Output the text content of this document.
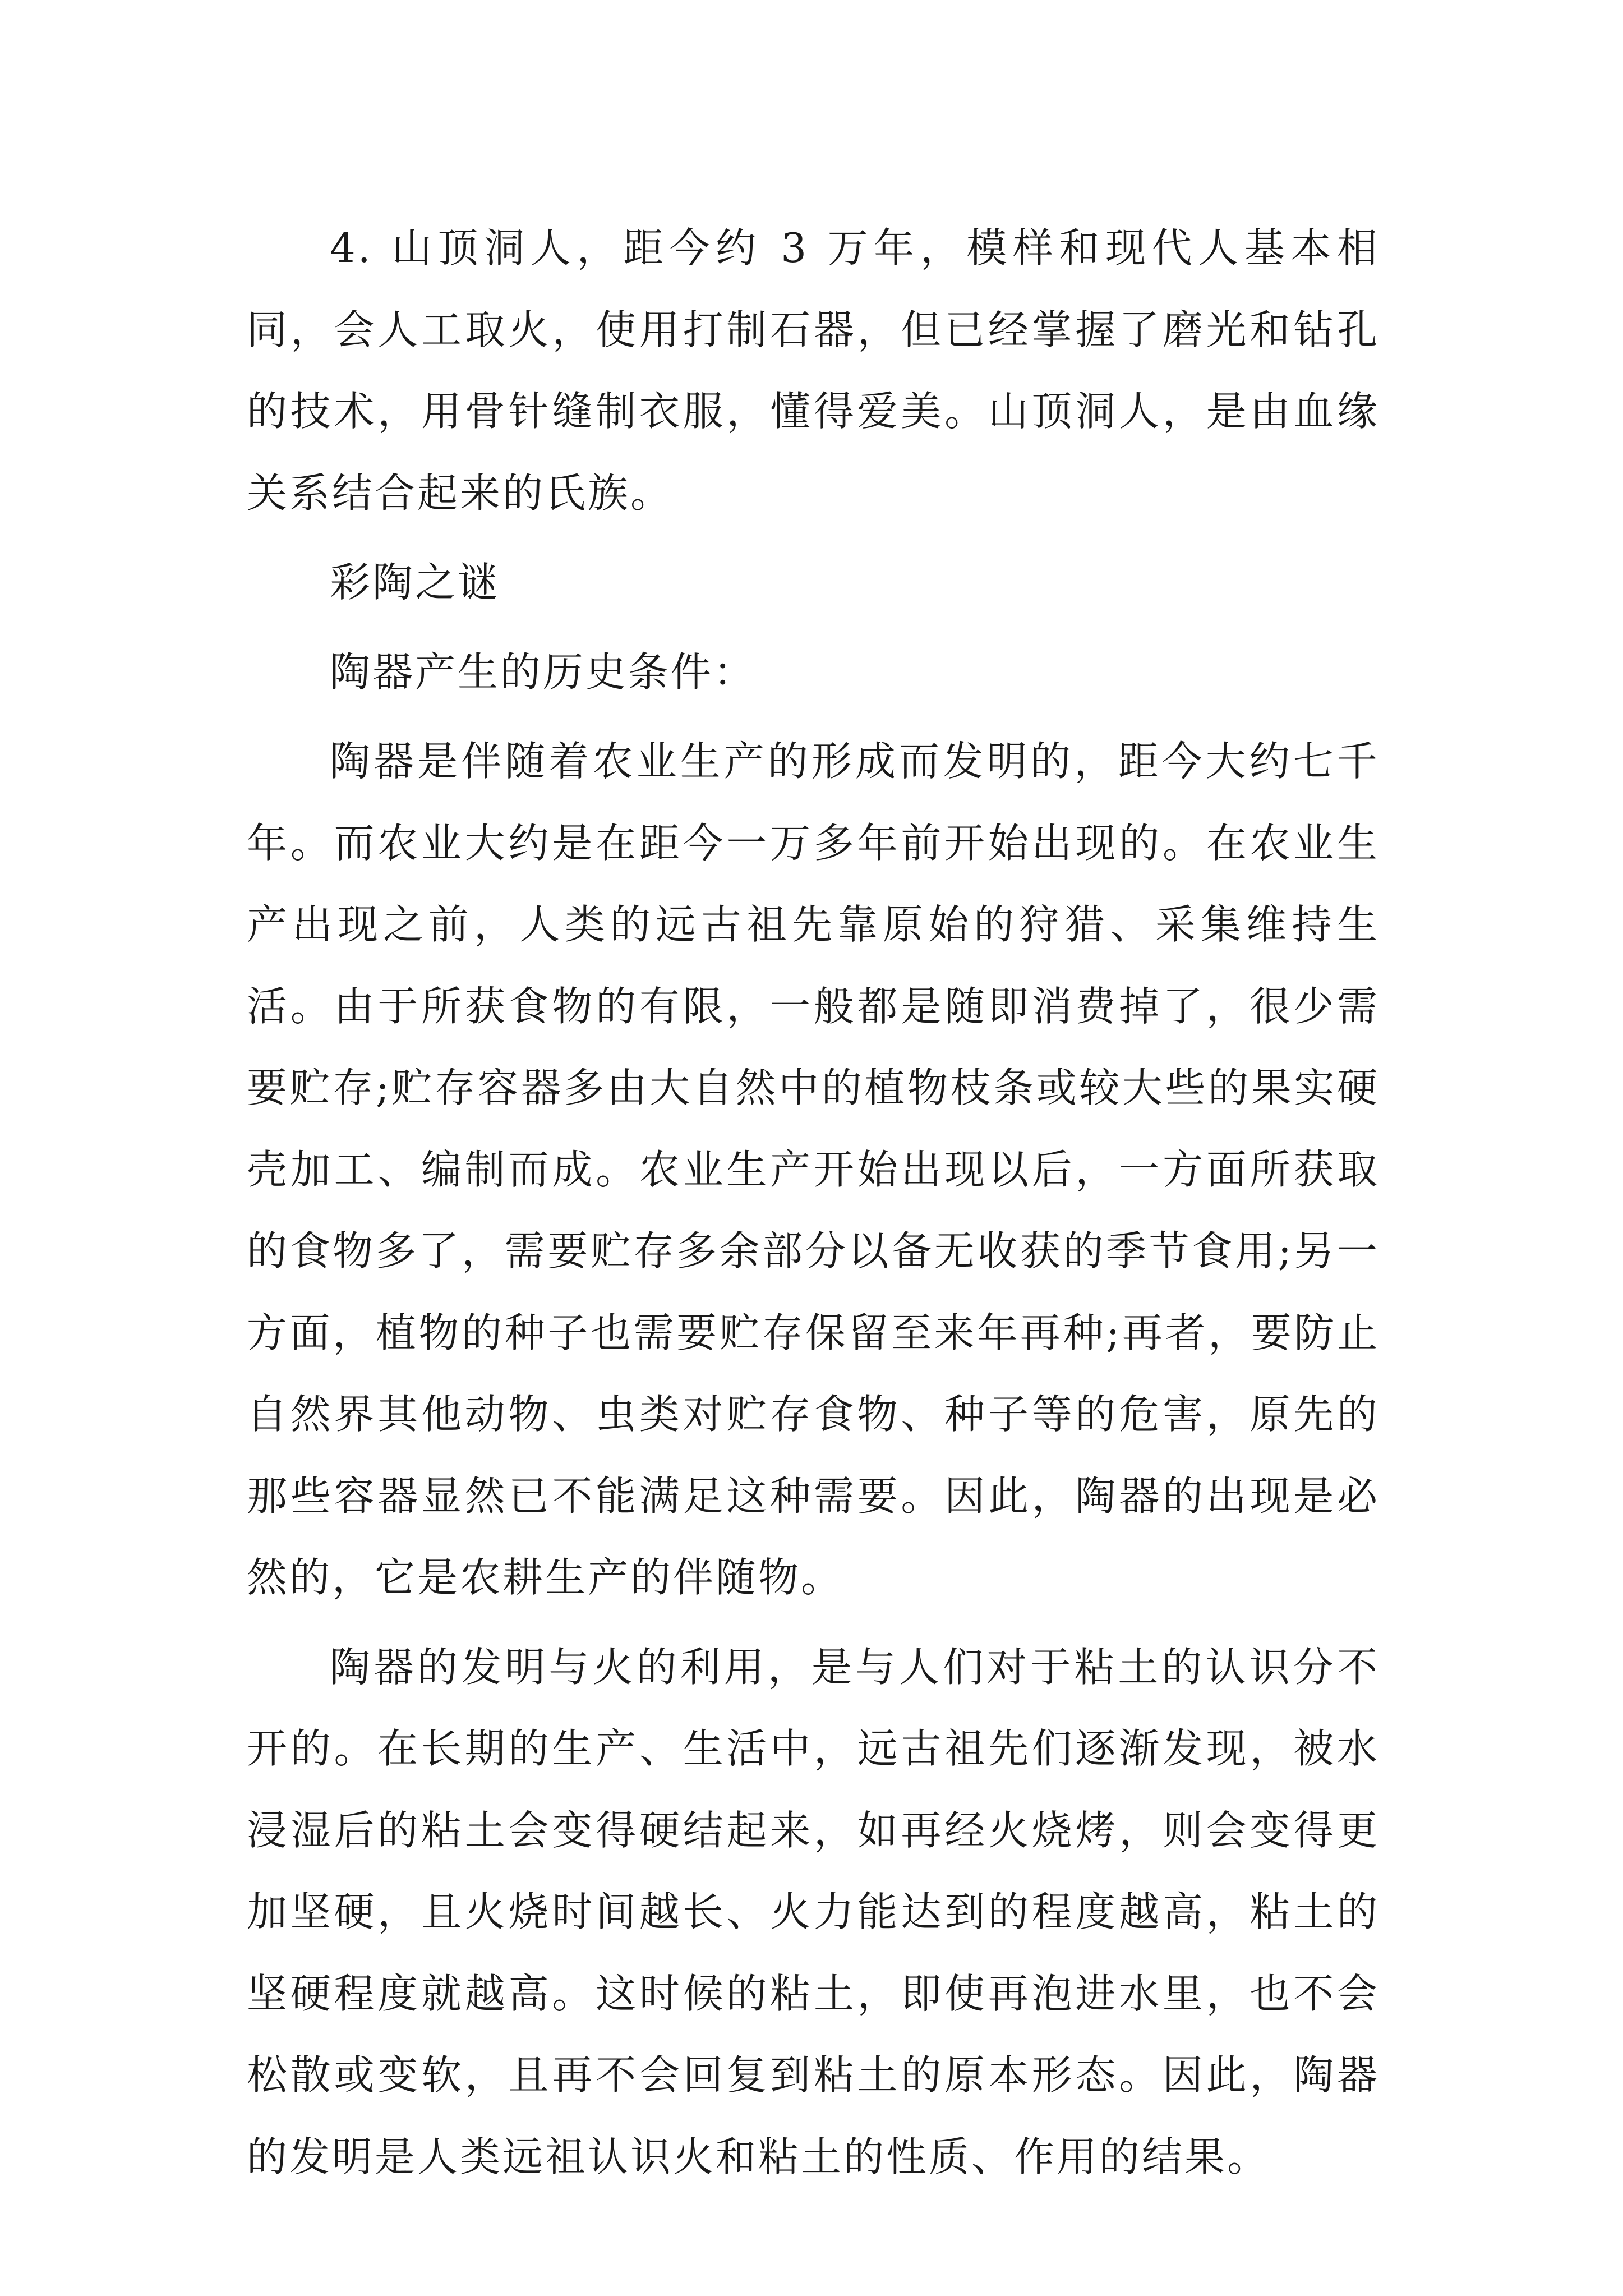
4. 山顶洞人，距今约 3 万年，模样和现代人基本相同，会人工取火，使用打制石器，但已经掌握了磨光和钻孔的技术，用骨针缝制衣服，懂得爱美。山顶洞人，是由血缘关系结合起来的氏族。

彩陶之谜

陶器产生的历史条件：

陶器是伴随着农业生产的形成而发明的，距今大约七千年。而农业大约是在距今一万多年前开始出现的。在农业生产出现之前，人类的远古祖先靠原始的狩猎、采集维持生活。由于所获食物的有限，一般都是随即消费掉了，很少需要贮存;贮存容器多由大自然中的植物枝条或较大些的果实硬壳加工、编制而成。农业生产开始出现以后，一方面所获取的食物多了，需要贮存多余部分以备无收获的季节食用;另一方面，植物的种子也需要贮存保留至来年再种;再者，要防止自然界其他动物、虫类对贮存食物、种子等的危害，原先的那些容器显然已不能满足这种需要。因此，陶器的出现是必然的，它是农耕生产的伴随物。

陶器的发明与火的利用，是与人们对于粘土的认识分不开的。在长期的生产、生活中，远古祖先们逐渐发现，被水浸湿后的粘土会变得硬结起来，如再经火烧烤，则会变得更加坚硬，且火烧时间越长、火力能达到的程度越高，粘土的坚硬程度就越高。这时候的粘土，即使再泡进水里，也不会松散或变软，且再不会回复到粘土的原本形态。因此，陶器的发明是人类远祖认识火和粘土的性质、作用的结果。
